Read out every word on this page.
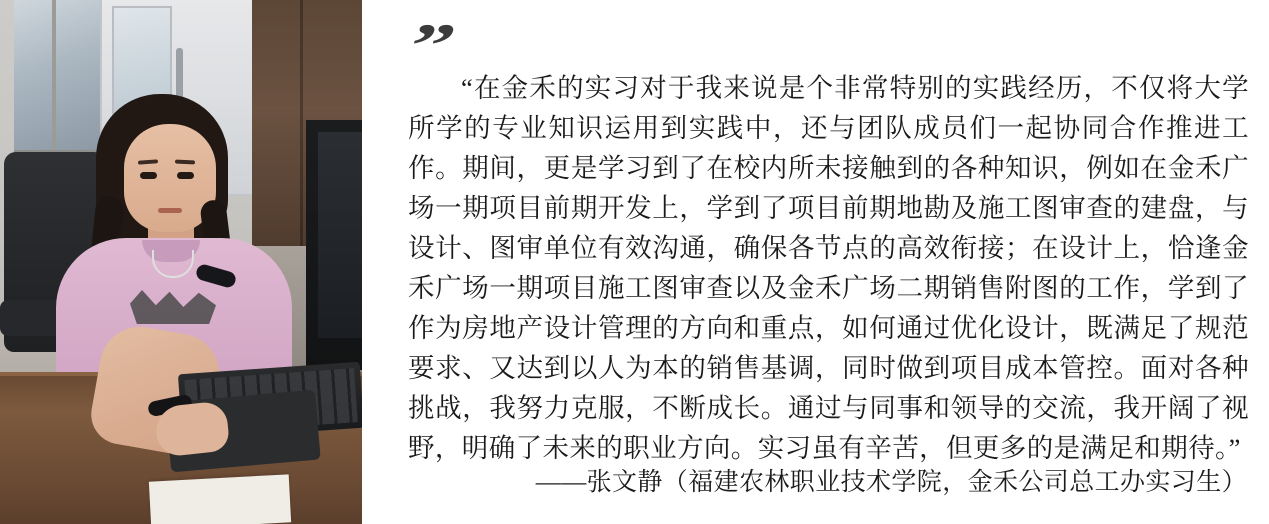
”
“在金禾的实习对于我来说是个非常特别的实践经历，不仅将大学所学的专业知识运用到实践中，还与团队成员们一起协同合作推进工作。期间，更是学习到了在校内所未接触到的各种知识，例如在金禾广场一期项目前期开发上，学到了项目前期地勘及施工图审查的建盘，与设计、图审单位有效沟通，确保各节点的高效衔接；在设计上，恰逢金禾广场一期项目施工图审查以及金禾广场二期销售附图的工作，学到了作为房地产设计管理的方向和重点，如何通过优化设计，既满足了规范要求、又达到以人为本的销售基调，同时做到项目成本管控。面对各种挑战，我努力克服，不断成长。通过与同事和领导的交流，我开阔了视野，明确了未来的职业方向。实习虽有辛苦，但更多的是满足和期待。”
——张文静（福建农林职业技术学院，金禾公司总工办实习生）
